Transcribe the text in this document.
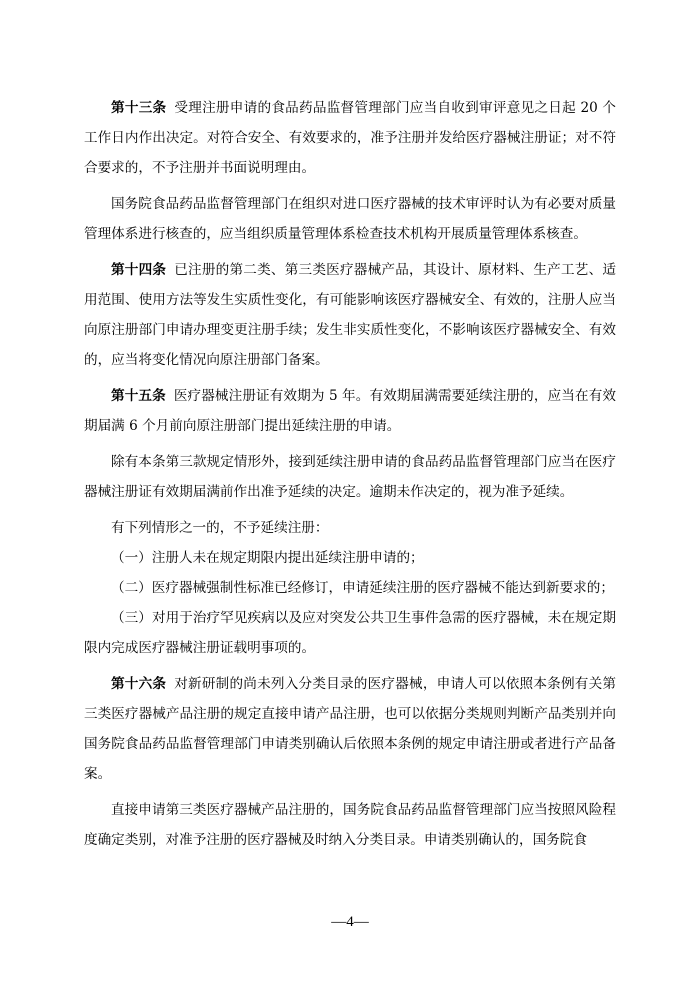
第十三条 受理注册申请的食品药品监督管理部门应当自收到审评意见之日起 20 个工作日内作出决定。对符合安全、有效要求的，准予注册并发给医疗器械注册证；对不符合要求的，不予注册并书面说明理由。

国务院食品药品监督管理部门在组织对进口医疗器械的技术审评时认为有必要对质量管理体系进行核查的，应当组织质量管理体系检查技术机构开展质量管理体系核查。

第十四条 已注册的第二类、第三类医疗器械产品，其设计、原材料、生产工艺、适用范围、使用方法等发生实质性变化，有可能影响该医疗器械安全、有效的，注册人应当向原注册部门申请办理变更注册手续；发生非实质性变化，不影响该医疗器械安全、有效的，应当将变化情况向原注册部门备案。

第十五条 医疗器械注册证有效期为 5 年。有效期届满需要延续注册的，应当在有效期届满 6 个月前向原注册部门提出延续注册的申请。

除有本条第三款规定情形外，接到延续注册申请的食品药品监督管理部门应当在医疗器械注册证有效期届满前作出准予延续的决定。逾期未作决定的，视为准予延续。

有下列情形之一的，不予延续注册：

（一）注册人未在规定期限内提出延续注册申请的；

（二）医疗器械强制性标准已经修订，申请延续注册的医疗器械不能达到新要求的；

（三）对用于治疗罕见疾病以及应对突发公共卫生事件急需的医疗器械，未在规定期限内完成医疗器械注册证载明事项的。

第十六条 对新研制的尚未列入分类目录的医疗器械，申请人可以依照本条例有关第三类医疗器械产品注册的规定直接申请产品注册，也可以依据分类规则判断产品类别并向国务院食品药品监督管理部门申请类别确认后依照本条例的规定申请注册或者进行产品备案。

直接申请第三类医疗器械产品注册的，国务院食品药品监督管理部门应当按照风险程度确定类别，对准予注册的医疗器械及时纳入分类目录。申请类别确认的，国务院食

—4—
